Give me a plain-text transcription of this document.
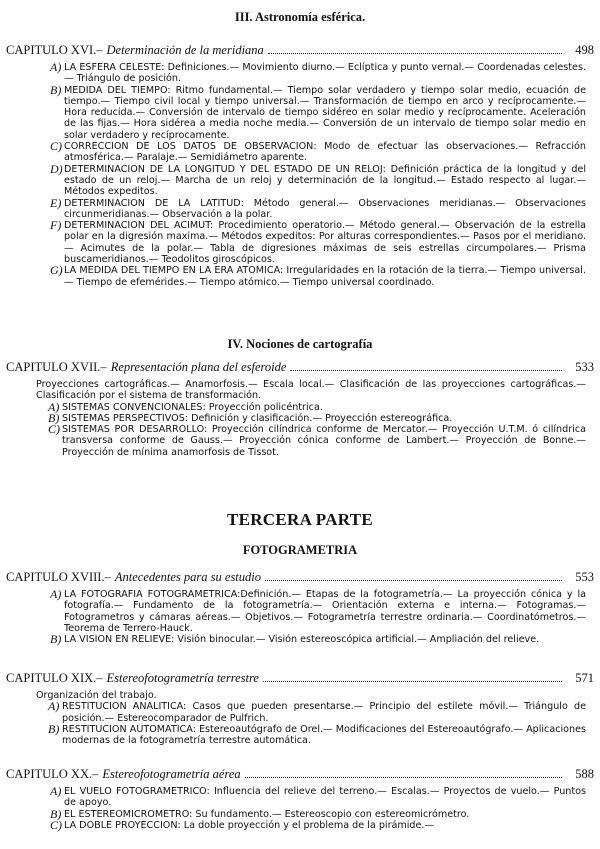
III. Astronomía esférica.
CAPITULO XVI.– Determinación de la meridiana	498
A) LA ESFERA CELESTE: Definiciones.— Movimiento diurno.— Eclíptica y punto vernal.— Coordenadas celestes.— Triángulo de posición.
B) MEDIDA DEL TIEMPO: Ritmo fundamental.— Tiempo solar verdadero y tiempo solar medio, ecuación de tiempo.— Tiempo civil local y tiempo universal.— Transformación de tiempo en arco y recíprocamente.— Hora reducida.— Conversión de intervalo de tiempo sidéreo en solar medio y recíprocamente. Aceleración de las fijas.— Hora sidérea a media noche media.— Conversión de un intervalo de tiempo solar medio en solar verdadero y recíprocamente.
C) CORRECCION DE LOS DATOS DE OBSERVACION: Modo de efectuar las observaciones.— Refracción atmosférica.— Paralaje.— Semidiámetro aparente.
D) DETERMINACION DE LA LONGITUD Y DEL ESTADO DE UN RELOJ: Definición práctica de la longitud y del estado de un reloj.— Marcha de un reloj y determinación de la longitud.— Estado respecto al lugar.— Métodos expeditos.
E) DETERMINACION DE LA LATITUD: Método general.— Observaciones meridianas.— Observaciones circunmeridianas.— Observación a la polar.
F) DETERMINACION DEL ACIMUT: Procedimiento operatorio.— Método general.— Observación de la estrella polar en la digresión maxima.— Métodos expeditos: Por alturas correspondientes.— Pasos por el meridiano.— Acimutes de la polar.— Tabla de digresiones máximas de seis estrellas circumpolares.— Prisma buscameridianos.— Teodolitos giroscópicos.
G) LA MEDIDA DEL TIEMPO EN LA ERA ATOMICA: Irregularidades en la rotación de la tierra.— Tiempo universal.— Tiempo de efemérides.— Tiempo atómico.— Tiempo universal coordinado.
IV. Nociones de cartografía
CAPITULO XVII.– Representación plana del esferoide	533
Proyecciones cartográficas.— Anamorfosis.— Escala local.— Clasificación de las proyecciones cartográficas.— Clasificación por el sistema de transformación.
A) SISTEMAS CONVENCIONALES: Proyección policéntrica.
B) SISTEMAS PERSPECTIVOS: Definición y clasificación.— Proyección estereográfica.
C) SISTEMAS POR DESARROLLO: Proyección cilíndrica conforme de Mercator.— Proyección U.T.M. ó cilíndrica transversa conforme de Gauss.— Proyección cónica conforme de Lambert.— Proyección de Bonne.— Proyección de mínima anamorfosis de Tissot.
TERCERA PARTE
FOTOGRAMETRIA
CAPITULO XVIII.– Antecedentes para su estudio	553
A) LA FOTOGRAFIA FOTOGRAMETRICA:Definición.— Etapas de la fotogrametría.— La proyección cónica y la fotografía.— Fundamento de la fotogrametría.— Orientación externa e interna.— Fotogramas.— Fotogrametros y cámaras aéreas.— Objetivos.— Fotogrametría terrestre ordinaria.— Coordinatómetros.— Teorema de Terrero-Hauck.
B) LA VISION EN RELIEVE: Visión binocular.— Visión estereoscópica artificial.— Ampliación del relieve.
CAPITULO XIX.– Estereofotogrametría terrestre	571
Organización del trabajo.
A) RESTITUCION ANALITICA: Casos que pueden presentarse.— Principio del estilete móvil.— Triángulo de posición.— Estereocomparador de Pulfrich.
B) RESTITUCION AUTOMATICA: Estereoautógrafo de Orel.— Modificaciones del Estereoautógrafo.— Aplicaciones modernas de la fotogrametría terrestre automática.
CAPITULO XX.– Estereofotogrametría aérea	588
A) EL VUELO FOTOGRAMETRICO: Influencia del relieve del terreno.— Escalas.— Proyectos de vuelo.— Puntos de apoyo.
B) EL ESTEREOMICROMETRO: Su fundamento.— Estereoscopio con estereomicrómetro.
C) LA DOBLE PROYECCION: La doble proyección y el problema de la pirámide.—
